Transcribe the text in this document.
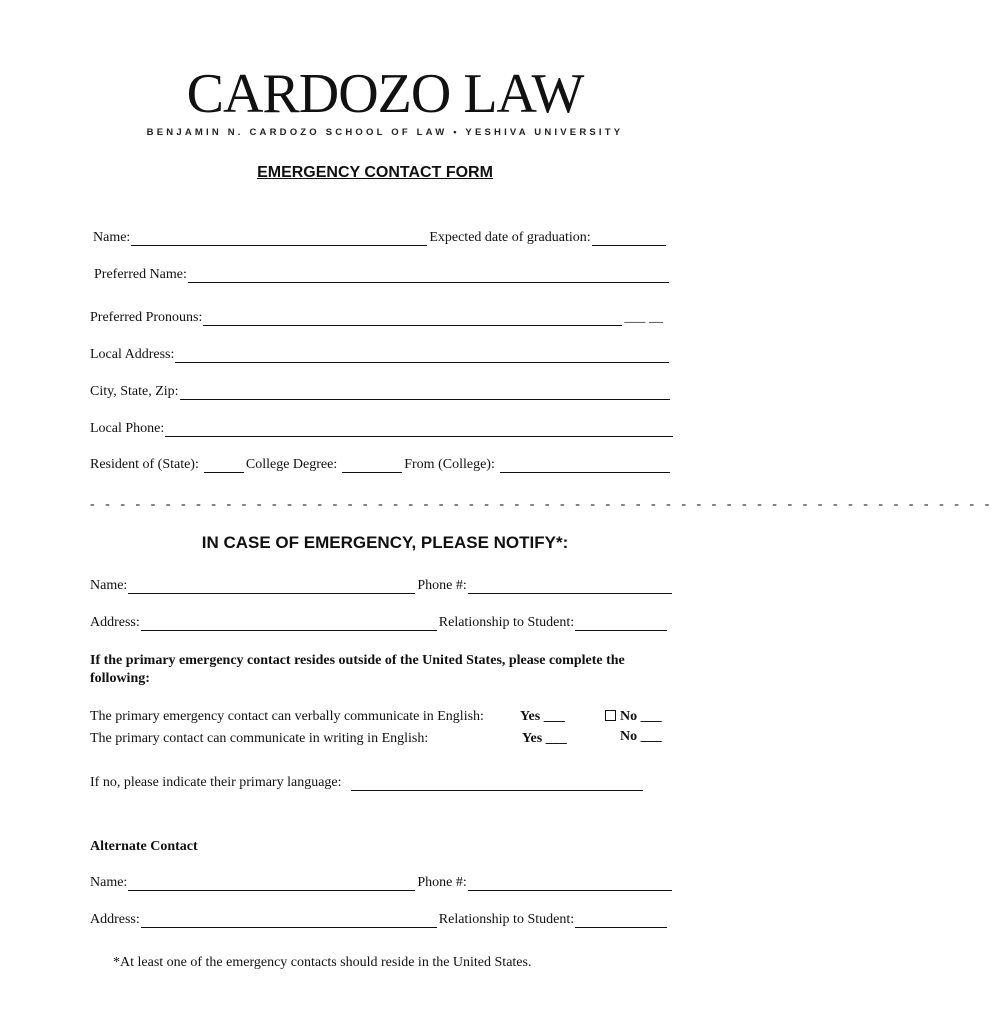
CARDOZO LAW
BENJAMIN N. CARDOZO SCHOOL OF LAW • YESHIVA UNIVERSITY
EMERGENCY CONTACT FORM
Name:	Expected date of graduation:
Preferred Name:
Preferred Pronouns:	___ __
Local Address:
City, State, Zip:
Local Phone:
Resident of (State):	College Degree:	From (College):
- - - - - - - - - - - - - - - - - - - - - - - - - - - - - - - - - - - - - - - - - - - - - - - - - - - - - - - - - - - -
IN CASE OF EMERGENCY, PLEASE NOTIFY*:
Name:	Phone #:
Address:	Relationship to Student:
If the primary emergency contact resides outside of the United States, please complete the following:
The primary emergency contact can verbally communicate in English:	Yes ___	No ___
The primary contact can communicate in writing in English:	Yes ___	No ___
If no, please indicate their primary language:
Alternate Contact
Name:	Phone #:
Address:	Relationship to Student:
*At least one of the emergency contacts should reside in the United States.
